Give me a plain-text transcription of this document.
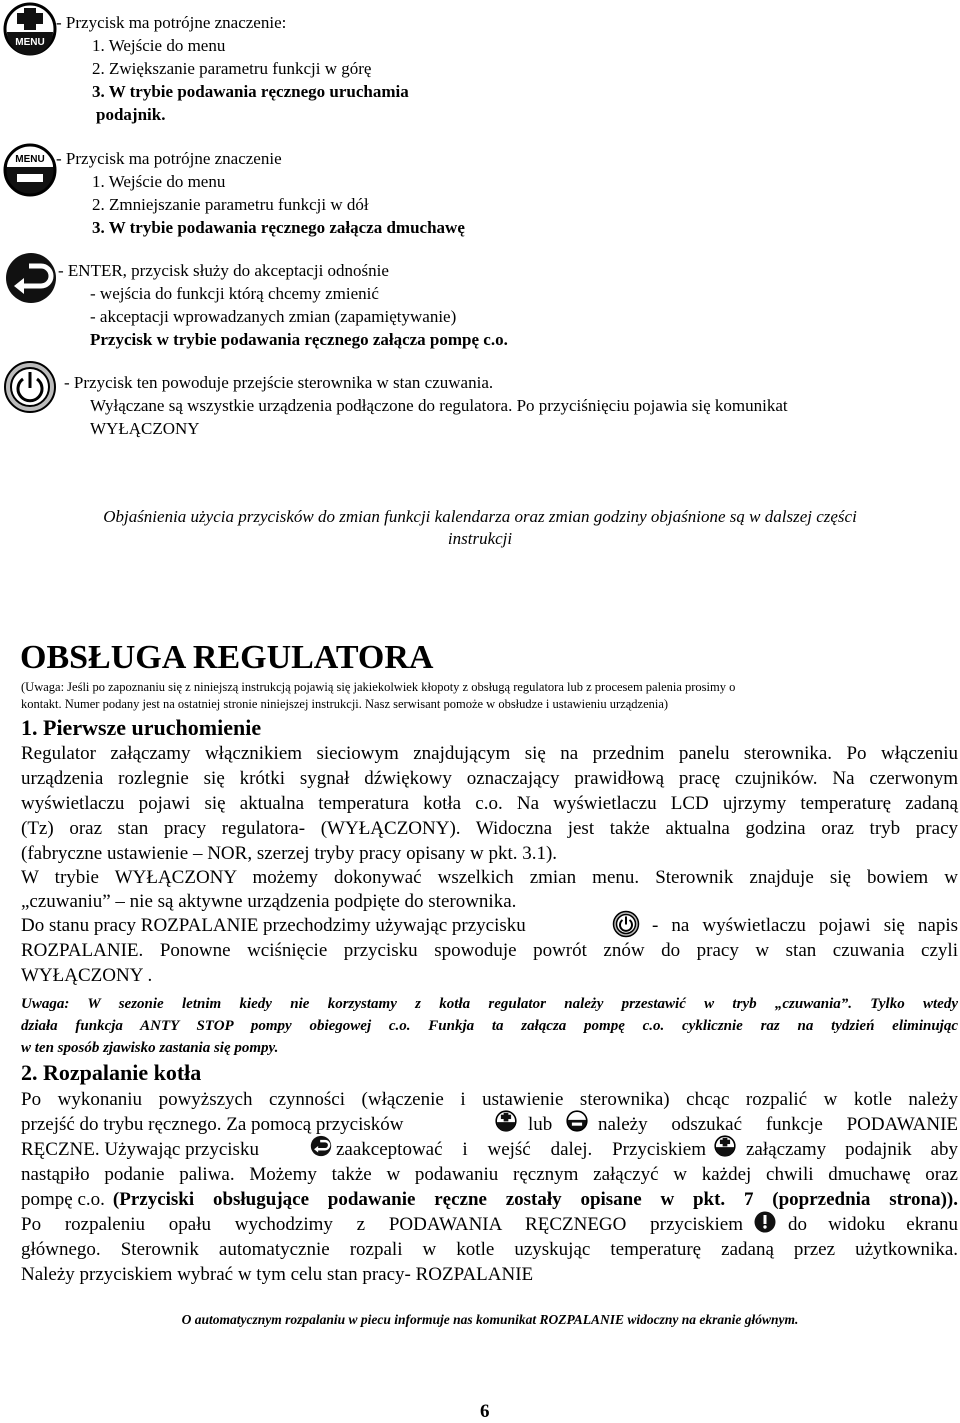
MENU
- Przycisk ma potrójne znaczenie:
1. Wejście do menu
2. Zwiększanie parametru funkcji w górę
3. W trybie podawania ręcznego uruchamia
podajnik.
MENU - Przycisk ma potrójne znaczenie
1. Wejście do menu
2. Zmniejszanie parametru funkcji w dół
3. W trybie podawania ręcznego załącza dmuchawę
- ENTER, przycisk służy do akceptacji odnośnie
- wejścia do funkcji którą chcemy zmienić
- akceptacji wprowadzanych zmian (zapamiętywanie)
Przycisk w trybie podawania ręcznego załącza pompę c.o.
- Przycisk ten powoduje przejście sterownika w stan czuwania.
Wyłączane są wszystkie urządzenia podłączone do regulatora. Po przyciśnięciu pojawia się komunikat
WYŁĄCZONY
Objaśnienia użycia przycisków do zmian funkcji kalendarza oraz zmian godziny objaśnione są w dalszej części
instrukcji
OBSŁUGA REGULATORA
(Uwaga: Jeśli po zapoznaniu się z niniejszą instrukcją pojawią się jakiekolwiek kłopoty z obsługą regulatora lub z procesem palenia prosimy o
kontakt. Numer podany jest na ostatniej stronie niniejszej instrukcji. Nasz serwisant pomoże w obsłudze i ustawieniu urządzenia)
1. Pierwsze uruchomienie
Regulator załączamy włącznikiem sieciowym znajdującym się na przednim panelu sterownika. Po włączeniu
urządzenia rozlegnie się krótki sygnał dźwiękowy oznaczający prawidłową pracę czujników. Na czerwonym
wyświetlaczu pojawi się aktualna temperatura kotła c.o. Na wyświetlaczu LCD ujrzymy temperaturę zadaną
(Tz) oraz stan pracy regulatora- (WYŁĄCZONY). Widoczna jest także aktualna godzina oraz tryb pracy
(fabryczne ustawienie – NOR, szerzej tryby pracy opisany w pkt. 3.1).
W trybie WYŁĄCZONY możemy dokonywać wszelkich zmian menu. Sterownik znajduje się bowiem w
„czuwaniu” – nie są aktywne urządzenia podpięte do sterownika.
Do stanu pracy ROZPALANIE przechodzimy używając przycisku	- na wyświetlaczu pojawi się napis
ROZPALANIE. Ponowne wciśnięcie przycisku spowoduje powrót znów do pracy w stan czuwania czyli
WYŁĄCZONY .
Uwaga: W sezonie letnim kiedy nie korzystamy z kotła regulator należy przestawić w tryb „czuwania”. Tylko wtedy
działa funkcja ANTY STOP pompy obiegowej c.o. Funkja ta załącza pompę c.o. cyklicznie raz na tydzień eliminując
w ten sposób zjawisko zastania się pompy.
2. Rozpalanie kotła
Po wykonaniu powyższych czynności (włączenie i ustawienie sterownika) chcąc rozpalić w kotle należy
przejść do trybu ręcznego. Za pomocą przycisków	lub należy odszukać funkcje PODAWANIE
RĘCZNE. Używając przycisku	zaakceptować i wejść dalej. Przyciskiem załączamy podajnik aby
nastąpiło podanie paliwa. Możemy także w podawaniu ręcznym załączyć w każdej chwili dmuchawę oraz
pompę c.o. (Przyciski obsługujące podawanie ręczne zostały opisane w pkt. 7 (poprzednia strona)).
Po rozpaleniu opału wychodzimy z PODAWANIA RĘCZNEGO przyciskiem do widoku ekranu
głównego. Sterownik automatycznie rozpali w kotle uzyskując temperaturę zadaną przez użytkownika.
Należy przyciskiem wybrać w tym celu stan pracy- ROZPALANIE
O automatycznym rozpalaniu w piecu informuje nas komunikat ROZPALANIE widoczny na ekranie głównym.
6
